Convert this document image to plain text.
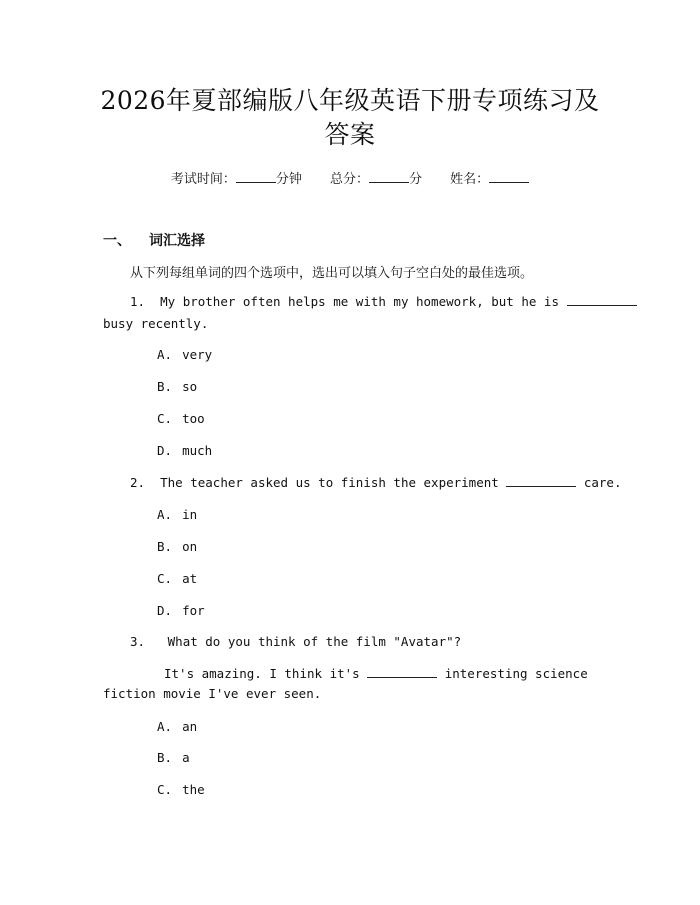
2026年夏部编版八年级英语下册专项练习及
答案
考试时间：	分钟 总分：	分 姓名：
一、 词汇选择
从下列每组单词的四个选项中，选出可以填入句子空白处的最佳选项。
1. My brother often helps me with my homework, but he is
busy recently.
A. very
B. so
C. too
D. much
2. The teacher asked us to finish the experiment	care.
A. in
B. on
C. at
D. for
3. What do you think of the film "Avatar"?
It's amazing. I think it's	interesting science
fiction movie I've ever seen.
A. an
B. a
C. the
